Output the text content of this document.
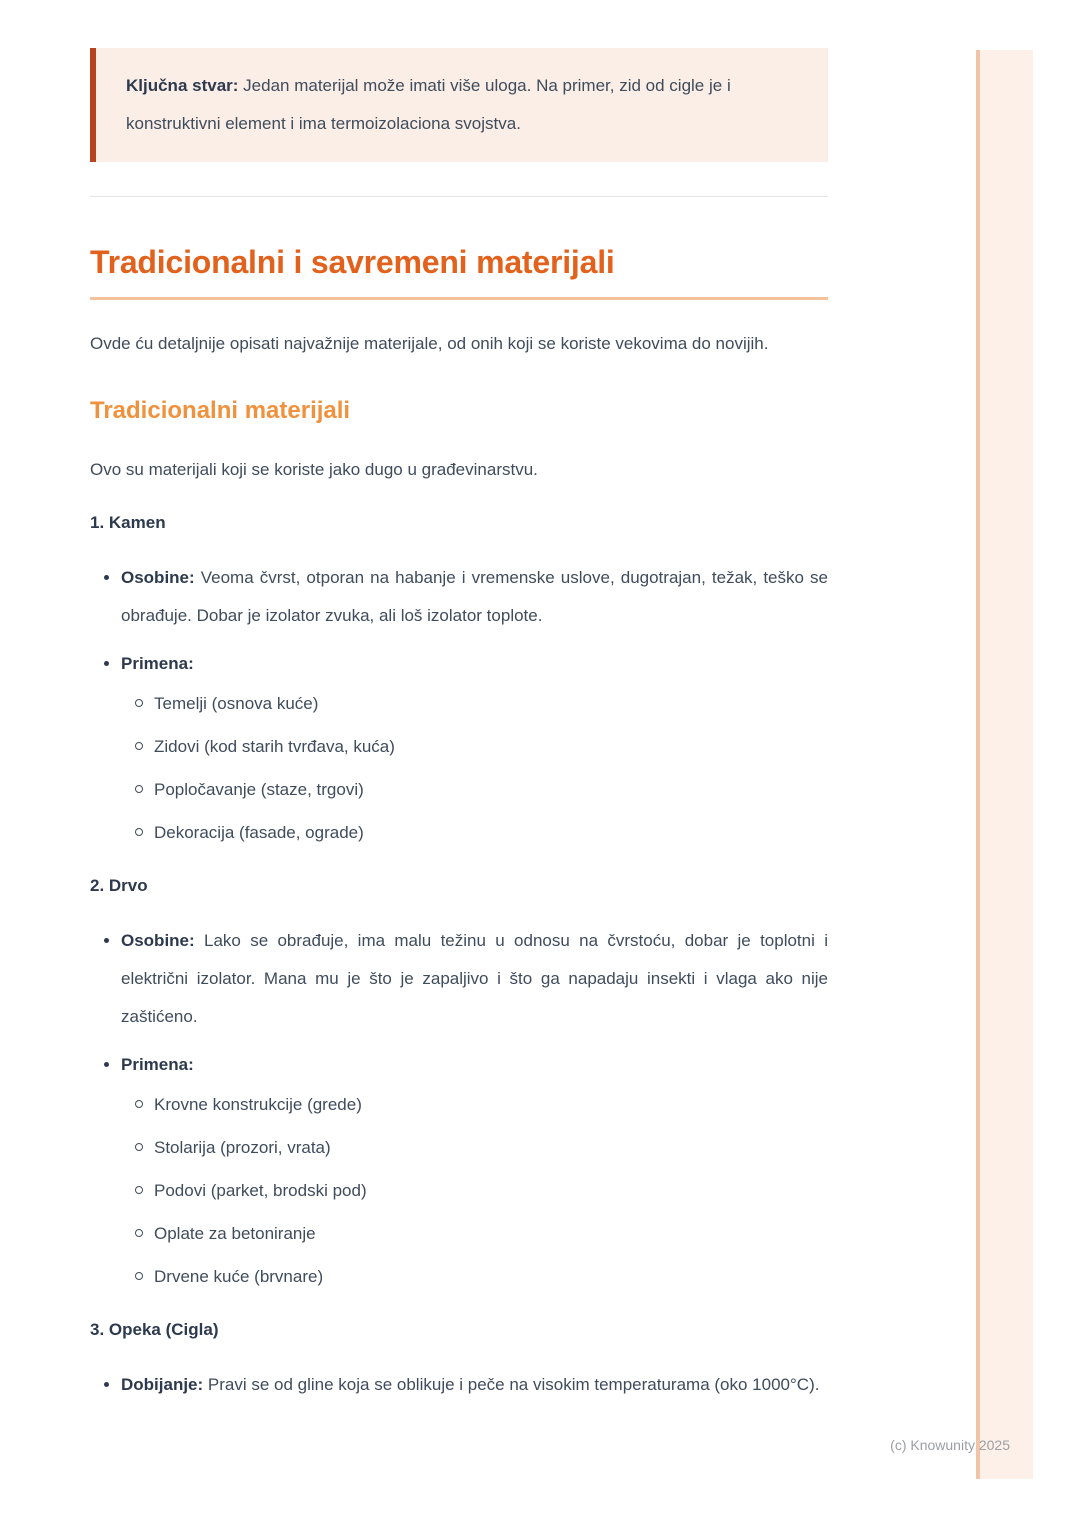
Ključna stvar: Jedan materijal može imati više uloga. Na primer, zid od cigle je i konstruktivni element i ima termoizolaciona svojstva.

Tradicionalni i savremeni materijali

Ovde ću detaljnije opisati najvažnije materijale, od onih koji se koriste vekovima do novijih.

Tradicionalni materijali

Ovo su materijali koji se koriste jako dugo u građevinarstvu.

1. Kamen
Osobine: Veoma čvrst, otporan na habanje i vremenske uslove, dugotrajan, težak, teško se obrađuje. Dobar je izolator zvuka, ali loš izolator toplote.
Primena:
Temelji (osnova kuće)
Zidovi (kod starih tvrđava, kuća)
Popločavanje (staze, trgovi)
Dekoracija (fasade, ograde)
2. Drvo
Osobine: Lako se obrađuje, ima malu težinu u odnosu na čvrstoću, dobar je toplotni i električni izolator. Mana mu je što je zapaljivo i što ga napadaju insekti i vlaga ako nije zaštićeno.
Primena:
Krovne konstrukcije (grede)
Stolarija (prozori, vrata)
Podovi (parket, brodski pod)
Oplate za betoniranje
Drvene kuće (brvnare)
3. Opeka (Cigla)
Dobijanje: Pravi se od gline koja se oblikuje i peče na visokim temperaturama (oko 1000°C).
(c) Knowunity 2025
